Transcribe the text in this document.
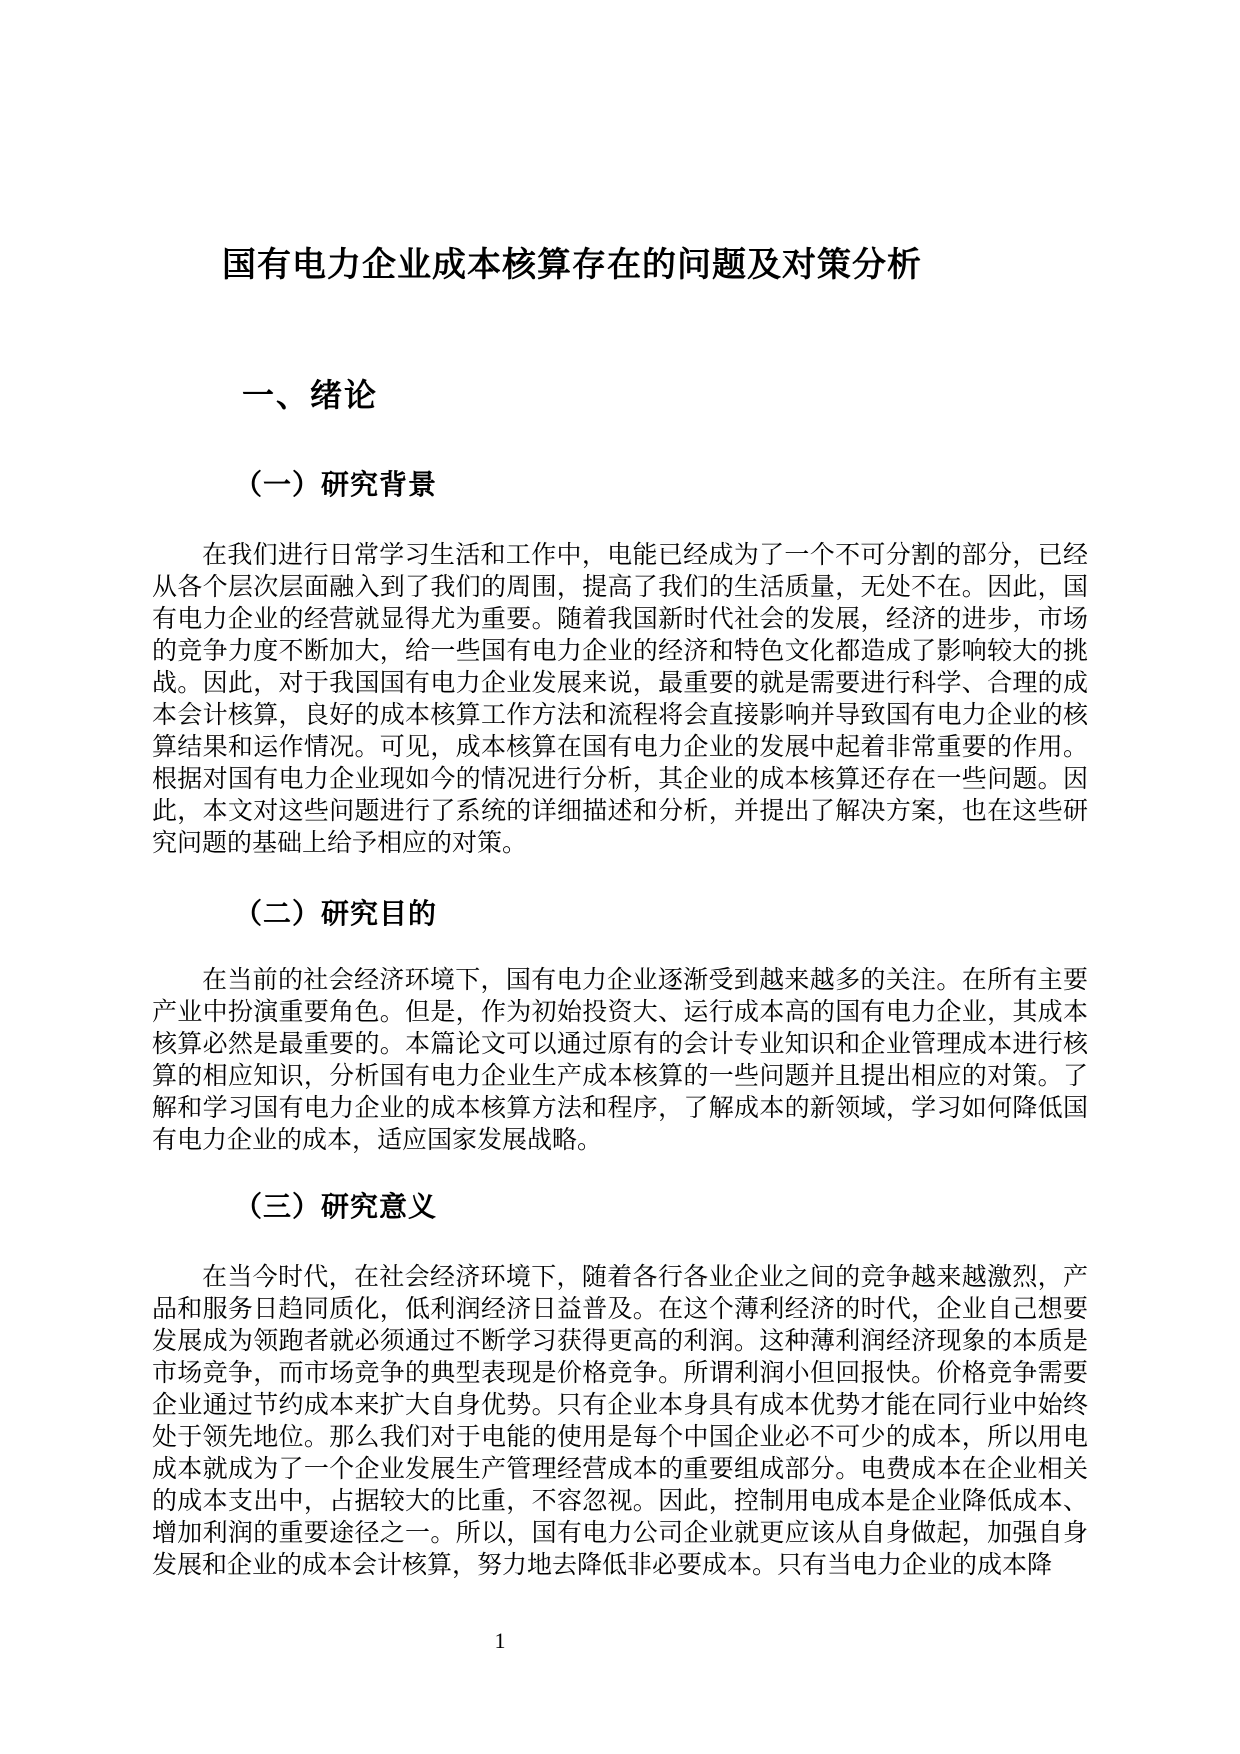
国有电力企业成本核算存在的问题及对策分析
一、绪论
（一）研究背景

在我们进行日常学习生活和工作中，电能已经成为了一个不可分割的部分，已经从各个层次层面融入到了我们的周围，提高了我们的生活质量，无处不在。因此，国有电力企业的经营就显得尤为重要。随着我国新时代社会的发展，经济的进步，市场的竞争力度不断加大，给一些国有电力企业的经济和特色文化都造成了影响较大的挑战。因此，对于我国国有电力企业发展来说，最重要的就是需要进行科学、合理的成本会计核算，良好的成本核算工作方法和流程将会直接影响并导致国有电力企业的核算结果和运作情况。可见，成本核算在国有电力企业的发展中起着非常重要的作用。根据对国有电力企业现如今的情况进行分析，其企业的成本核算还存在一些问题。因此，本文对这些问题进行了系统的详细描述和分析，并提出了解决方案，也在这些研究问题的基础上给予相应的对策。

（二）研究目的

在当前的社会经济环境下，国有电力企业逐渐受到越来越多的关注。在所有主要产业中扮演重要角色。但是，作为初始投资大、运行成本高的国有电力企业，其成本核算必然是最重要的。本篇论文可以通过原有的会计专业知识和企业管理成本进行核算的相应知识，分析国有电力企业生产成本核算的一些问题并且提出相应的对策。了解和学习国有电力企业的成本核算方法和程序，了解成本的新领域，学习如何降低国有电力企业的成本，适应国家发展战略。

（三）研究意义

在当今时代，在社会经济环境下，随着各行各业企业之间的竞争越来越激烈，产品和服务日趋同质化，低利润经济日益普及。在这个薄利经济的时代，企业自己想要发展成为领跑者就必须通过不断学习获得更高的利润。这种薄利润经济现象的本质是市场竞争，而市场竞争的典型表现是价格竞争。所谓利润小但回报快。价格竞争需要企业通过节约成本来扩大自身优势。只有企业本身具有成本优势才能在同行业中始终处于领先地位。那么我们对于电能的使用是每个中国企业必不可少的成本，所以用电成本就成为了一个企业发展生产管理经营成本的重要组成部分。电费成本在企业相关的成本支出中，占据较大的比重，不容忽视。因此，控制用电成本是企业降低成本、增加利润的重要途径之一。所以，国有电力公司企业就更应该从自身做起，加强自身发展和企业的成本会计核算，努力地去降低非必要成本。只有当电力企业的成本降

1
